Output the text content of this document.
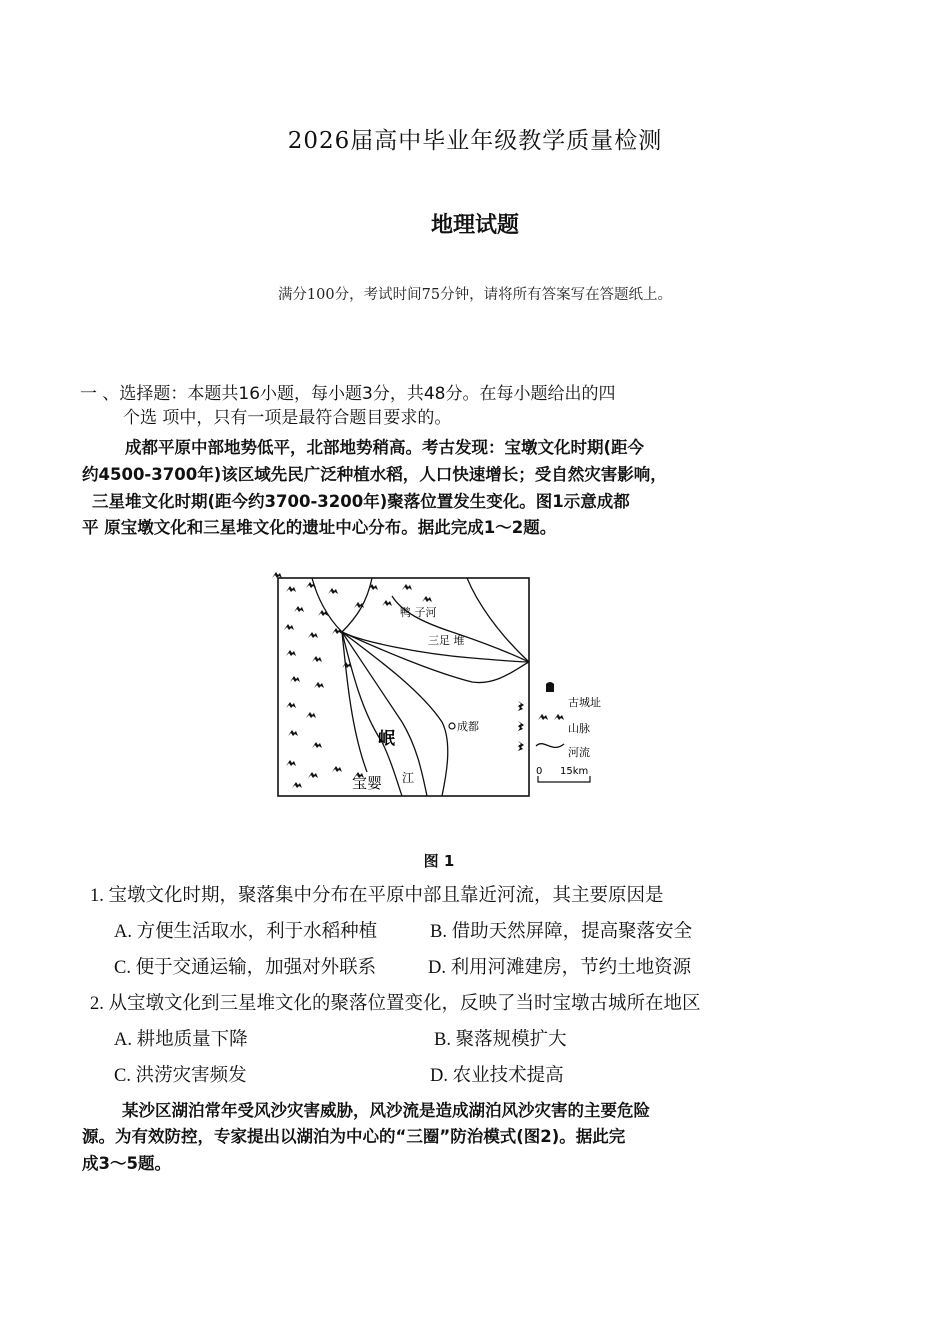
2026届高中毕业年级教学质量检测
地理试题
满分100分，考试时间75分钟，请将所有答案写在答题纸上。
一 、选择题：本题共16小题，每小题3分，共48分。在每小题给出的四
个选 项中，只有一项是最符合题目要求的。
成都平原中部地势低平，北部地势稍高。考古发现：宝墩文化时期(距今
约4500-3700年)该区域先民广泛种植水稻，人口快速增长；受自然灾害影响，
三星堆文化时期(距今约3700-3200年)聚落位置发生变化。图1示意成都
平 原宝墩文化和三星堆文化的遗址中心分布。据此完成1～2题。
鸭 子河
三足 堆
成都
岷
宝婴 江
古城址
山脉
河流
0 15km
图 1
1. 宝墩文化时期，聚落集中分布在平原中部且靠近河流，其主要原因是
A. 方便生活取水，利于水稻种植	B. 借助天然屏障，提高聚落安全
C. 便于交通运输，加强对外联系	D. 利用河滩建房，节约土地资源
2. 从宝墩文化到三星堆文化的聚落位置变化，反映了当时宝墩古城所在地区
A. 耕地质量下降	B. 聚落规模扩大
C. 洪涝灾害频发	D. 农业技术提高
某沙区湖泊常年受风沙灾害威胁，风沙流是造成湖泊风沙灾害的主要危险
源。为有效防控，专家提出以湖泊为中心的“三圈”防治模式(图2)。据此完
成3～5题。
